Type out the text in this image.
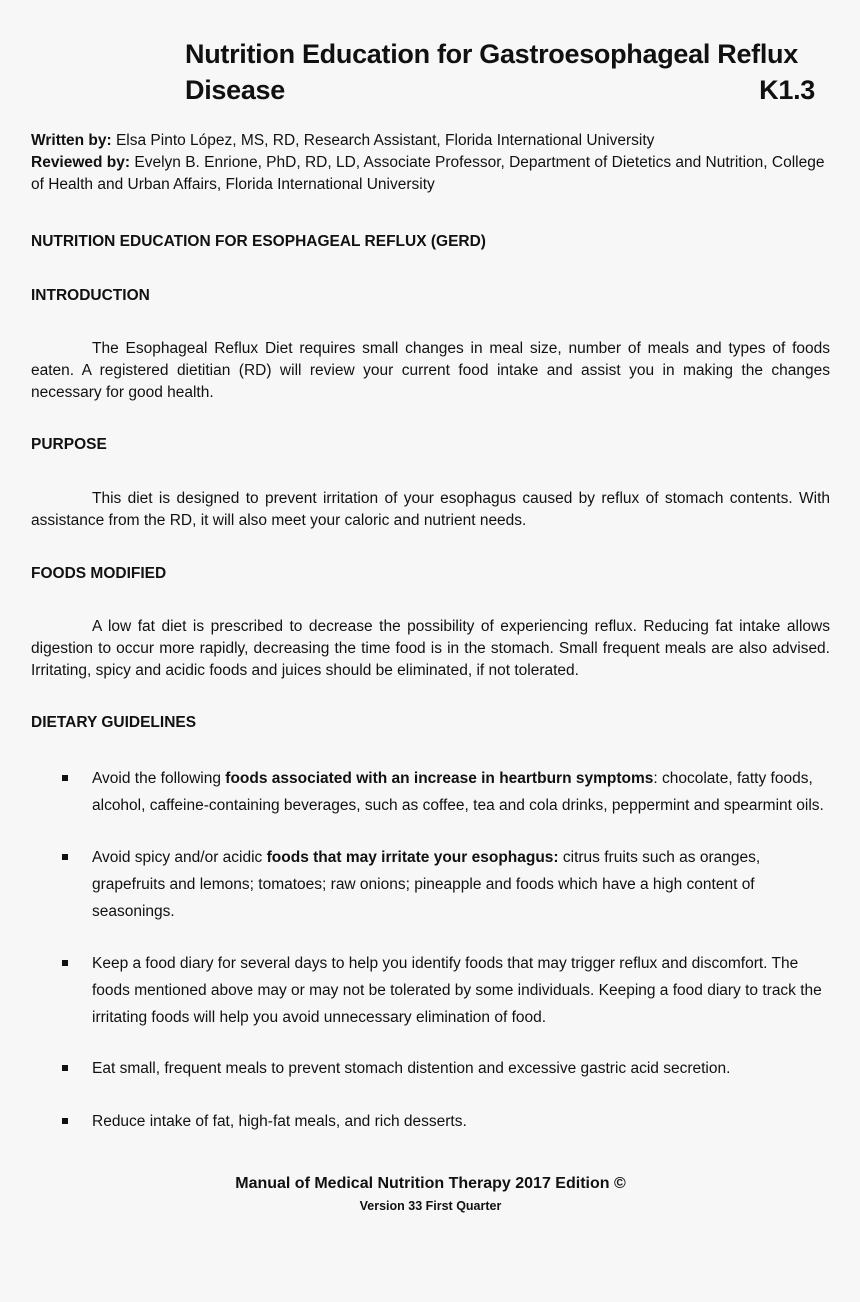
Nutrition Education for Gastroesophageal Reflux
Disease	K1.3

Written by: Elsa Pinto López, MS, RD, Research Assistant, Florida International University

Reviewed by: Evelyn B. Enrione, PhD, RD, LD, Associate Professor, Department of Dietetics and Nutrition, College of Health and Urban Affairs, Florida International University

NUTRITION EDUCATION FOR ESOPHAGEAL REFLUX (GERD)
INTRODUCTION

The Esophageal Reflux Diet requires small changes in meal size, number of meals and types of foods eaten. A registered dietitian (RD) will review your current food intake and assist you in making the changes necessary for good health.

PURPOSE

This diet is designed to prevent irritation of your esophagus caused by reflux of stomach contents. With assistance from the RD, it will also meet your caloric and nutrient needs.

FOODS MODIFIED

A low fat diet is prescribed to decrease the possibility of experiencing reflux. Reducing fat intake allows digestion to occur more rapidly, decreasing the time food is in the stomach. Small frequent meals are also advised. Irritating, spicy and acidic foods and juices should be eliminated, if not tolerated.

DIETARY GUIDELINES
Avoid the following foods associated with an increase in heartburn symptoms: chocolate, fatty foods, alcohol, caffeine-containing beverages, such as coffee, tea and cola drinks, peppermint and spearmint oils.
Avoid spicy and/or acidic foods that may irritate your esophagus: citrus fruits such as oranges, grapefruits and lemons; tomatoes; raw onions; pineapple and foods which have a high content of seasonings.
Keep a food diary for several days to help you identify foods that may trigger reflux and discomfort. The foods mentioned above may or may not be tolerated by some individuals. Keeping a food diary to track the irritating foods will help you avoid unnecessary elimination of food.
Eat small, frequent meals to prevent stomach distention and excessive gastric acid secretion.
Reduce intake of fat, high-fat meals, and rich desserts.
Manual of Medical Nutrition Therapy 2017 Edition ©
Version 33 First Quarter
